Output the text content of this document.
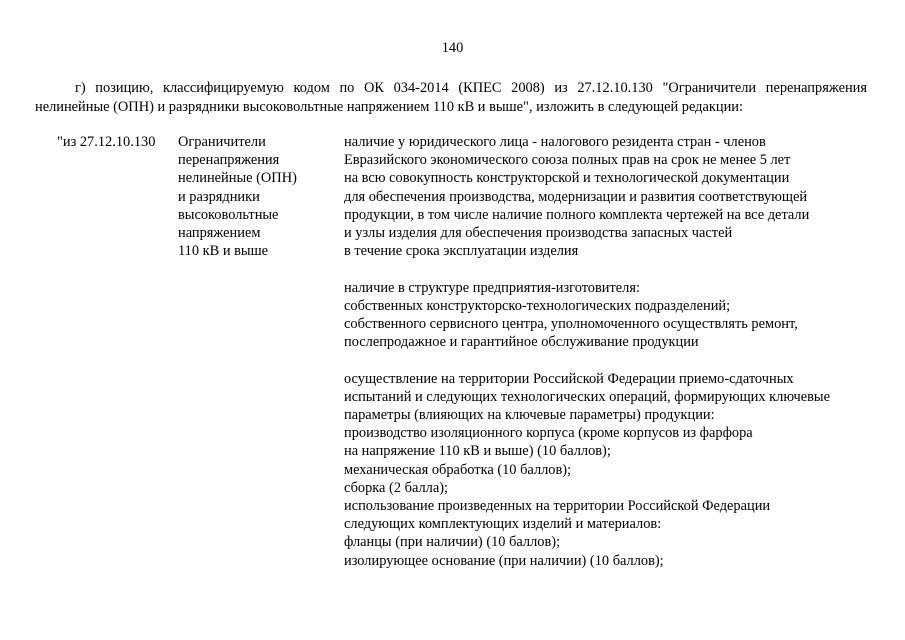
140
г) позицию, классифицируемую кодом по ОК 034-2014 (КПЕС 2008) из 27.12.10.130 "Ограничители перенапряжения нелинейные (ОПН) и разрядники высоковольтные напряжением 110 кВ и выше", изложить в следующей редакции:
"из 27.12.10.130 Ограничители
перенапряжения
нелинейные (ОПН)
и разрядники
высоковольтные
напряжением
110 кВ и выше
наличие у юридического лица - налогового резидента стран - членов
Евразийского экономического союза полных прав на срок не менее 5 лет
на всю совокупность конструкторской и технологической документации
для обеспечения производства, модернизации и развития соответствующей
продукции, в том числе наличие полного комплекта чертежей на все детали
и узлы изделия для обеспечения производства запасных частей
в течение срока эксплуатации изделия
наличие в структуре предприятия-изготовителя:
собственных конструкторско-технологических подразделений;
собственного сервисного центра, уполномоченного осуществлять ремонт,
послепродажное и гарантийное обслуживание продукции
осуществление на территории Российской Федерации приемо-сдаточных
испытаний и следующих технологических операций, формирующих ключевые
параметры (влияющих на ключевые параметры) продукции:
производство изоляционного корпуса (кроме корпусов из фарфора
на напряжение 110 кВ и выше) (10 баллов);
механическая обработка (10 баллов);
сборка (2 балла);
использование произведенных на территории Российской Федерации
следующих комплектующих изделий и материалов:
фланцы (при наличии) (10 баллов);
изолирующее основание (при наличии) (10 баллов);
